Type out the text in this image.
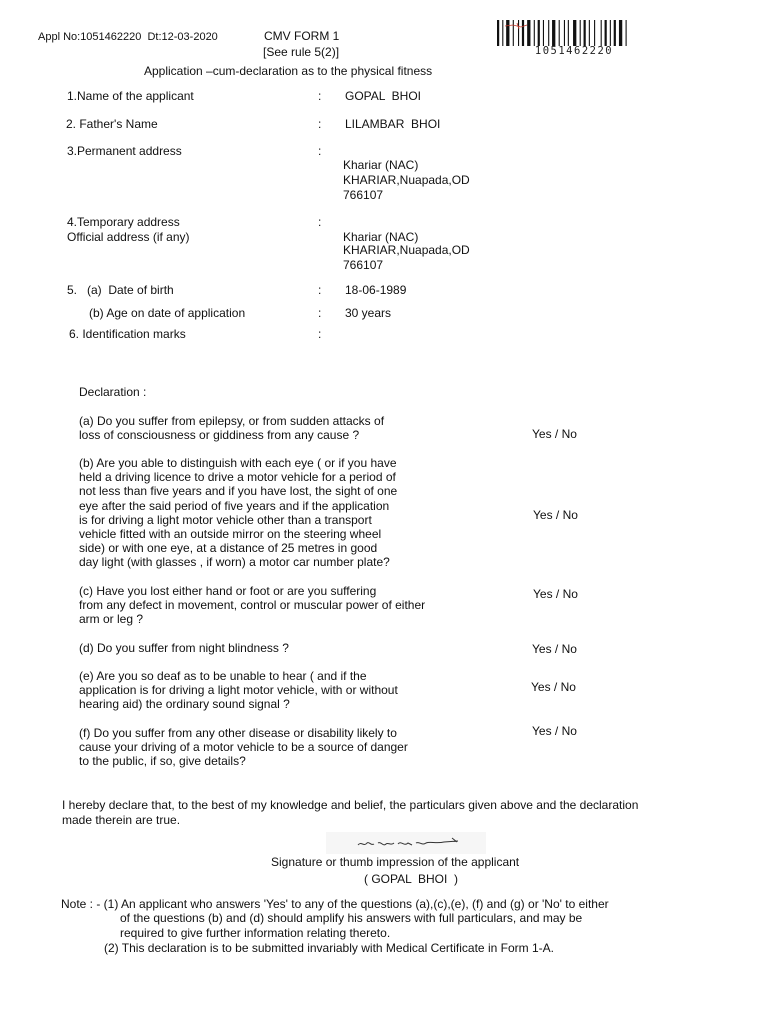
Appl No:1051462220  Dt:12-03-2020	CMV FORM 1
[See rule 5(2)]
Application –cum-declaration as to the physical fitness
1051462220
1.Name of the applicant	: GOPAL  BHOI
2. Father's Name	: LILAMBAR  BHOI
3.Permanent address	:
Khariar (NAC)
KHARIAR,Nuapada,OD
766107
4.Temporary address	:
Official address (if any)	Khariar (NAC)
KHARIAR,Nuapada,OD
766107
5.   (a)  Date of birth	: 18-06-1989
(b) Age on date of application	: 30 years
6. Identification marks	:
Declaration :
(a) Do you suffer from epilepsy, or from sudden attacks of
loss of consciousness or giddiness from any cause ?	Yes / No
(b) Are you able to distinguish with each eye ( or if you have
held a driving licence to drive a motor vehicle for a period of
not less than five years and if you have lost, the sight of one
eye after the said period of five years and if the application
is for driving a light motor vehicle other than a transport
vehicle fitted with an outside mirror on the steering wheel
side) or with one eye, at a distance of 25 metres in good
day light (with glasses , if worn) a motor car number plate?
Yes / No
(c) Have you lost either hand or foot or are you suffering
from any defect in movement, control or muscular power of either
arm or leg ?
Yes / No
(d) Do you suffer from night blindness ?	Yes / No
(e) Are you so deaf as to be unable to hear ( and if the
application is for driving a light motor vehicle, with or without
hearing aid) the ordinary sound signal ?
Yes / No
(f) Do you suffer from any other disease or disability likely to
cause your driving of a motor vehicle to be a source of danger
to the public, if so, give details?
Yes / No
I hereby declare that, to the best of my knowledge and belief, the particulars given above and the declaration
made therein are true.
Signature or thumb impression of the applicant
( GOPAL  BHOI  )
Note : - (1) An applicant who answers 'Yes' to any of the questions (a),(c),(e), (f) and (g) or 'No' to either
of the questions (b) and (d) should amplify his answers with full particulars, and may be
required to give further information relating thereto.
(2) This declaration is to be submitted invariably with Medical Certificate in Form 1-A.
